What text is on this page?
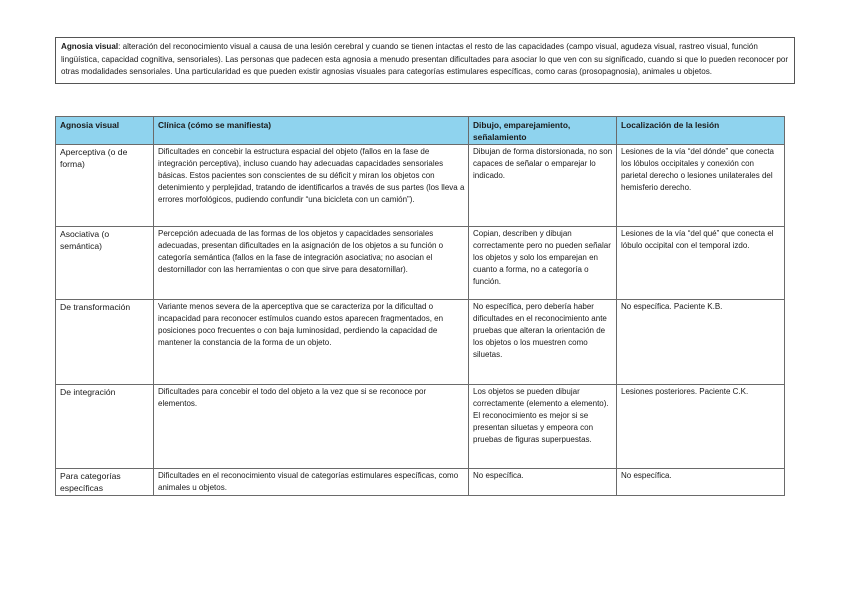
Agnosia visual: alteración del reconocimiento visual a causa de una lesión cerebral y cuando se tienen intactas el resto de las capacidades (campo visual, agudeza visual, rastreo visual, función lingüística, capacidad cognitiva, sensoriales). Las personas que padecen esta agnosia a menudo presentan dificultades para asociar lo que ven con su significado, cuando si que lo pueden reconocer por otras modalidades sensoriales. Una particularidad es que pueden existir agnosias visuales para categorías estimulares específicas, como caras (prosopagnosia), animales u objetos.
Agnosia visual	Clínica (cómo se manifiesta)	Dibujo, emparejamiento, señalamiento	Localización de la lesión
Aperceptiva (o de forma)	Dificultades en concebir la estructura espacial del objeto (fallos en la fase de integración perceptiva), incluso cuando hay adecuadas capacidades sensoriales básicas. Estos pacientes son conscientes de su déficit y miran los objetos con detenimiento y perplejidad, tratando de identificarlos a través de sus partes (los lleva a errores morfológicos, pudiendo confundir “una bicicleta con un camión”).	Dibujan de forma distorsionada, no son capaces de señalar o emparejar lo indicado.	Lesiones de la vía “del dónde” que conecta los lóbulos occipitales y conexión con parietal derecho o lesiones unilaterales del hemisferio derecho.
Asociativa (o semántica)	Percepción adecuada de las formas de los objetos y capacidades sensoriales adecuadas, presentan dificultades en la asignación de los objetos a su función o categoría semántica (fallos en la fase de integración asociativa; no asocian el destornillador con las herramientas o con que sirve para desatornillar).	Copian, describen y dibujan correctamente pero no pueden señalar los objetos y solo los emparejan en cuanto a forma, no a categoría o función.	Lesiones de la vía “del qué” que conecta el lóbulo occipital con el temporal izdo.
De transformación	Variante menos severa de la aperceptiva que se caracteriza por la dificultad o incapacidad para reconocer estímulos cuando estos aparecen fragmentados, en posiciones poco frecuentes o con baja luminosidad, perdiendo la capacidad de mantener la constancia de la forma de un objeto.	No específica, pero debería haber dificultades en el reconocimiento ante pruebas que alteran la orientación de los objetos o los muestren como siluetas.	No específica. Paciente K.B.
De integración	Dificultades para concebir el todo del objeto a la vez que si se reconoce por elementos.	Los objetos se pueden dibujar correctamente (elemento a elemento). El reconocimiento es mejor si se presentan siluetas y empeora con pruebas de figuras superpuestas.	Lesiones posteriores. Paciente C.K.
Para categorías específicas	Dificultades en el reconocimiento visual de categorías estimulares específicas, como animales u objetos.	No específica.	No específica.
